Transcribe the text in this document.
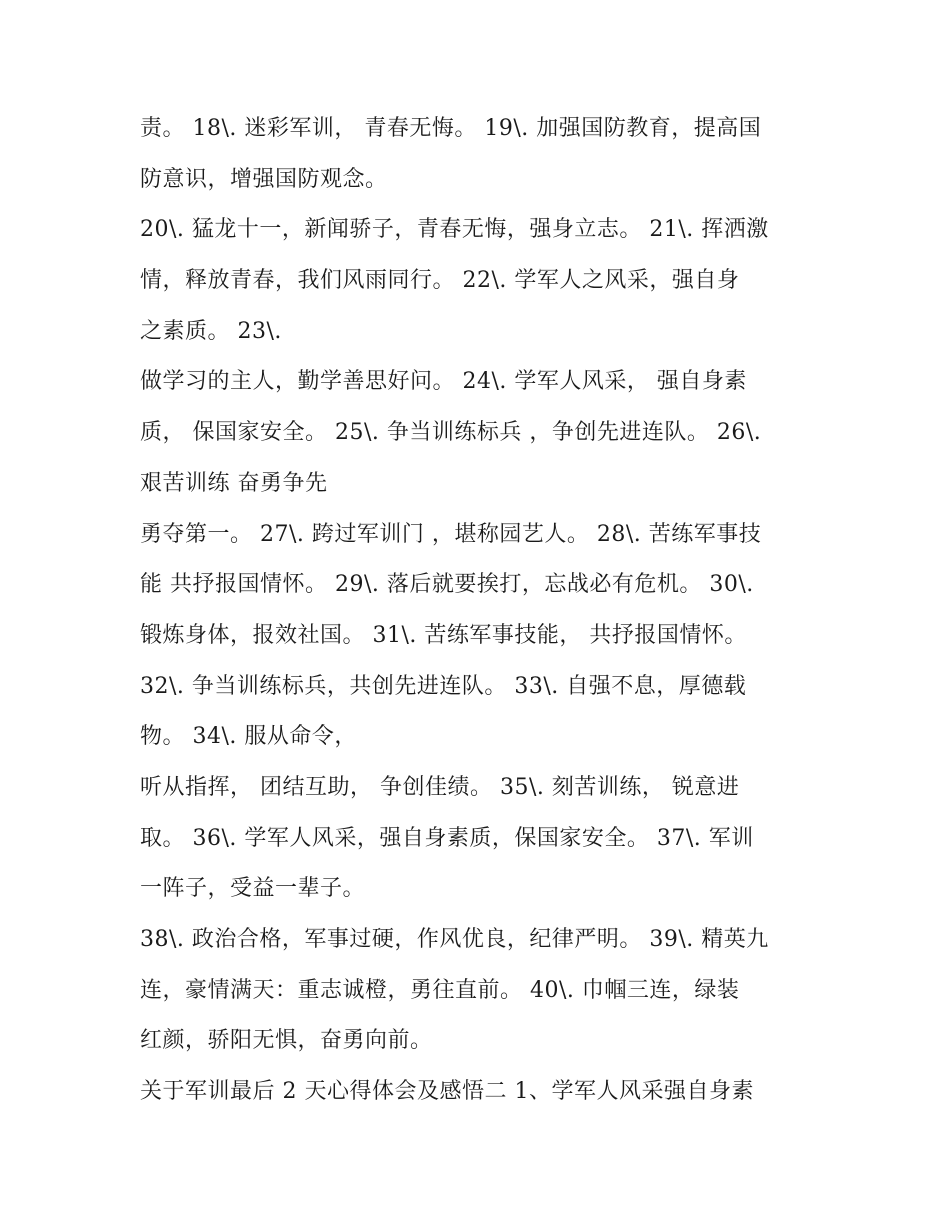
责。 18\. 迷彩军训， 青春无悔。 19\. 加强国防教育，提高国
防意识，增强国防观念。
20\. 猛龙十一，新闻骄子，青春无悔，强身立志。 21\. 挥洒激
情，释放青春，我们风雨同行。 22\. 学军人之风采，强自身
之素质。 23\.
做学习的主人，勤学善思好问。 24\. 学军人风采， 强自身素
质， 保国家安全。 25\. 争当训练标兵 ，争创先进连队。 26\.
艰苦训练 奋勇争先
勇夺第一。 27\. 跨过军训门 ，堪称园艺人。 28\. 苦练军事技
能 共抒报国情怀。 29\. 落后就要挨打，忘战必有危机。 30\.
锻炼身体，报效社国。 31\. 苦练军事技能， 共抒报国情怀。
32\. 争当训练标兵，共创先进连队。 33\. 自强不息，厚德载
物。 34\. 服从命令，
听从指挥， 团结互助， 争创佳绩。 35\. 刻苦训练， 锐意进
取。 36\. 学军人风采，强自身素质，保国家安全。 37\. 军训
一阵子，受益一辈子。
38\. 政治合格，军事过硬，作风优良，纪律严明。 39\. 精英九
连，豪情满天：重志诚橙，勇往直前。 40\. 巾帼三连，绿装
红颜，骄阳无惧，奋勇向前。
关于军训最后 2 天心得体会及感悟二 1、学军人风采强自身素
